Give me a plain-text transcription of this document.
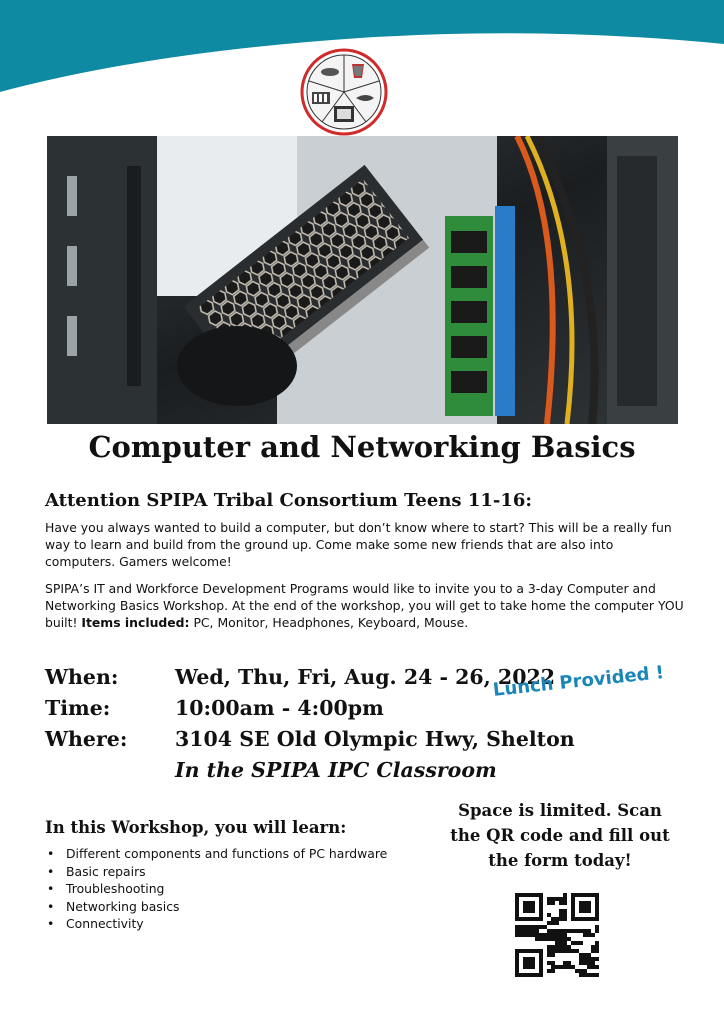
Computer and Networking Basics
Attention SPIPA Tribal Consortium Teens 11-16:

Have you always wanted to build a computer, but don’t know where to start? This will be a really fun way to learn and build from the ground up. Come make some new friends that are also into computers. Gamers welcome!

SPIPA’s IT and Workforce Development Programs would like to invite you to a 3-day Computer and Networking Basics Workshop. At the end of the workshop, you will get to take home the computer YOU built! Items included: PC, Monitor, Headphones, Keyboard, Mouse.

When:	Wed, Thu, Fri, Aug. 24 - 26, 2022
Time:	10:00am - 4:00pm
Where: 3104 SE Old Olympic Hwy, Shelton
In the SPIPA IPC Classroom
Lunch Provided !
In this Workshop, you will learn:
• Different components and functions of PC hardware
• Basic repairs
• Troubleshooting
• Networking basics
• Connectivity
Space is limited. Scan
the QR code and fill out
the form today!
